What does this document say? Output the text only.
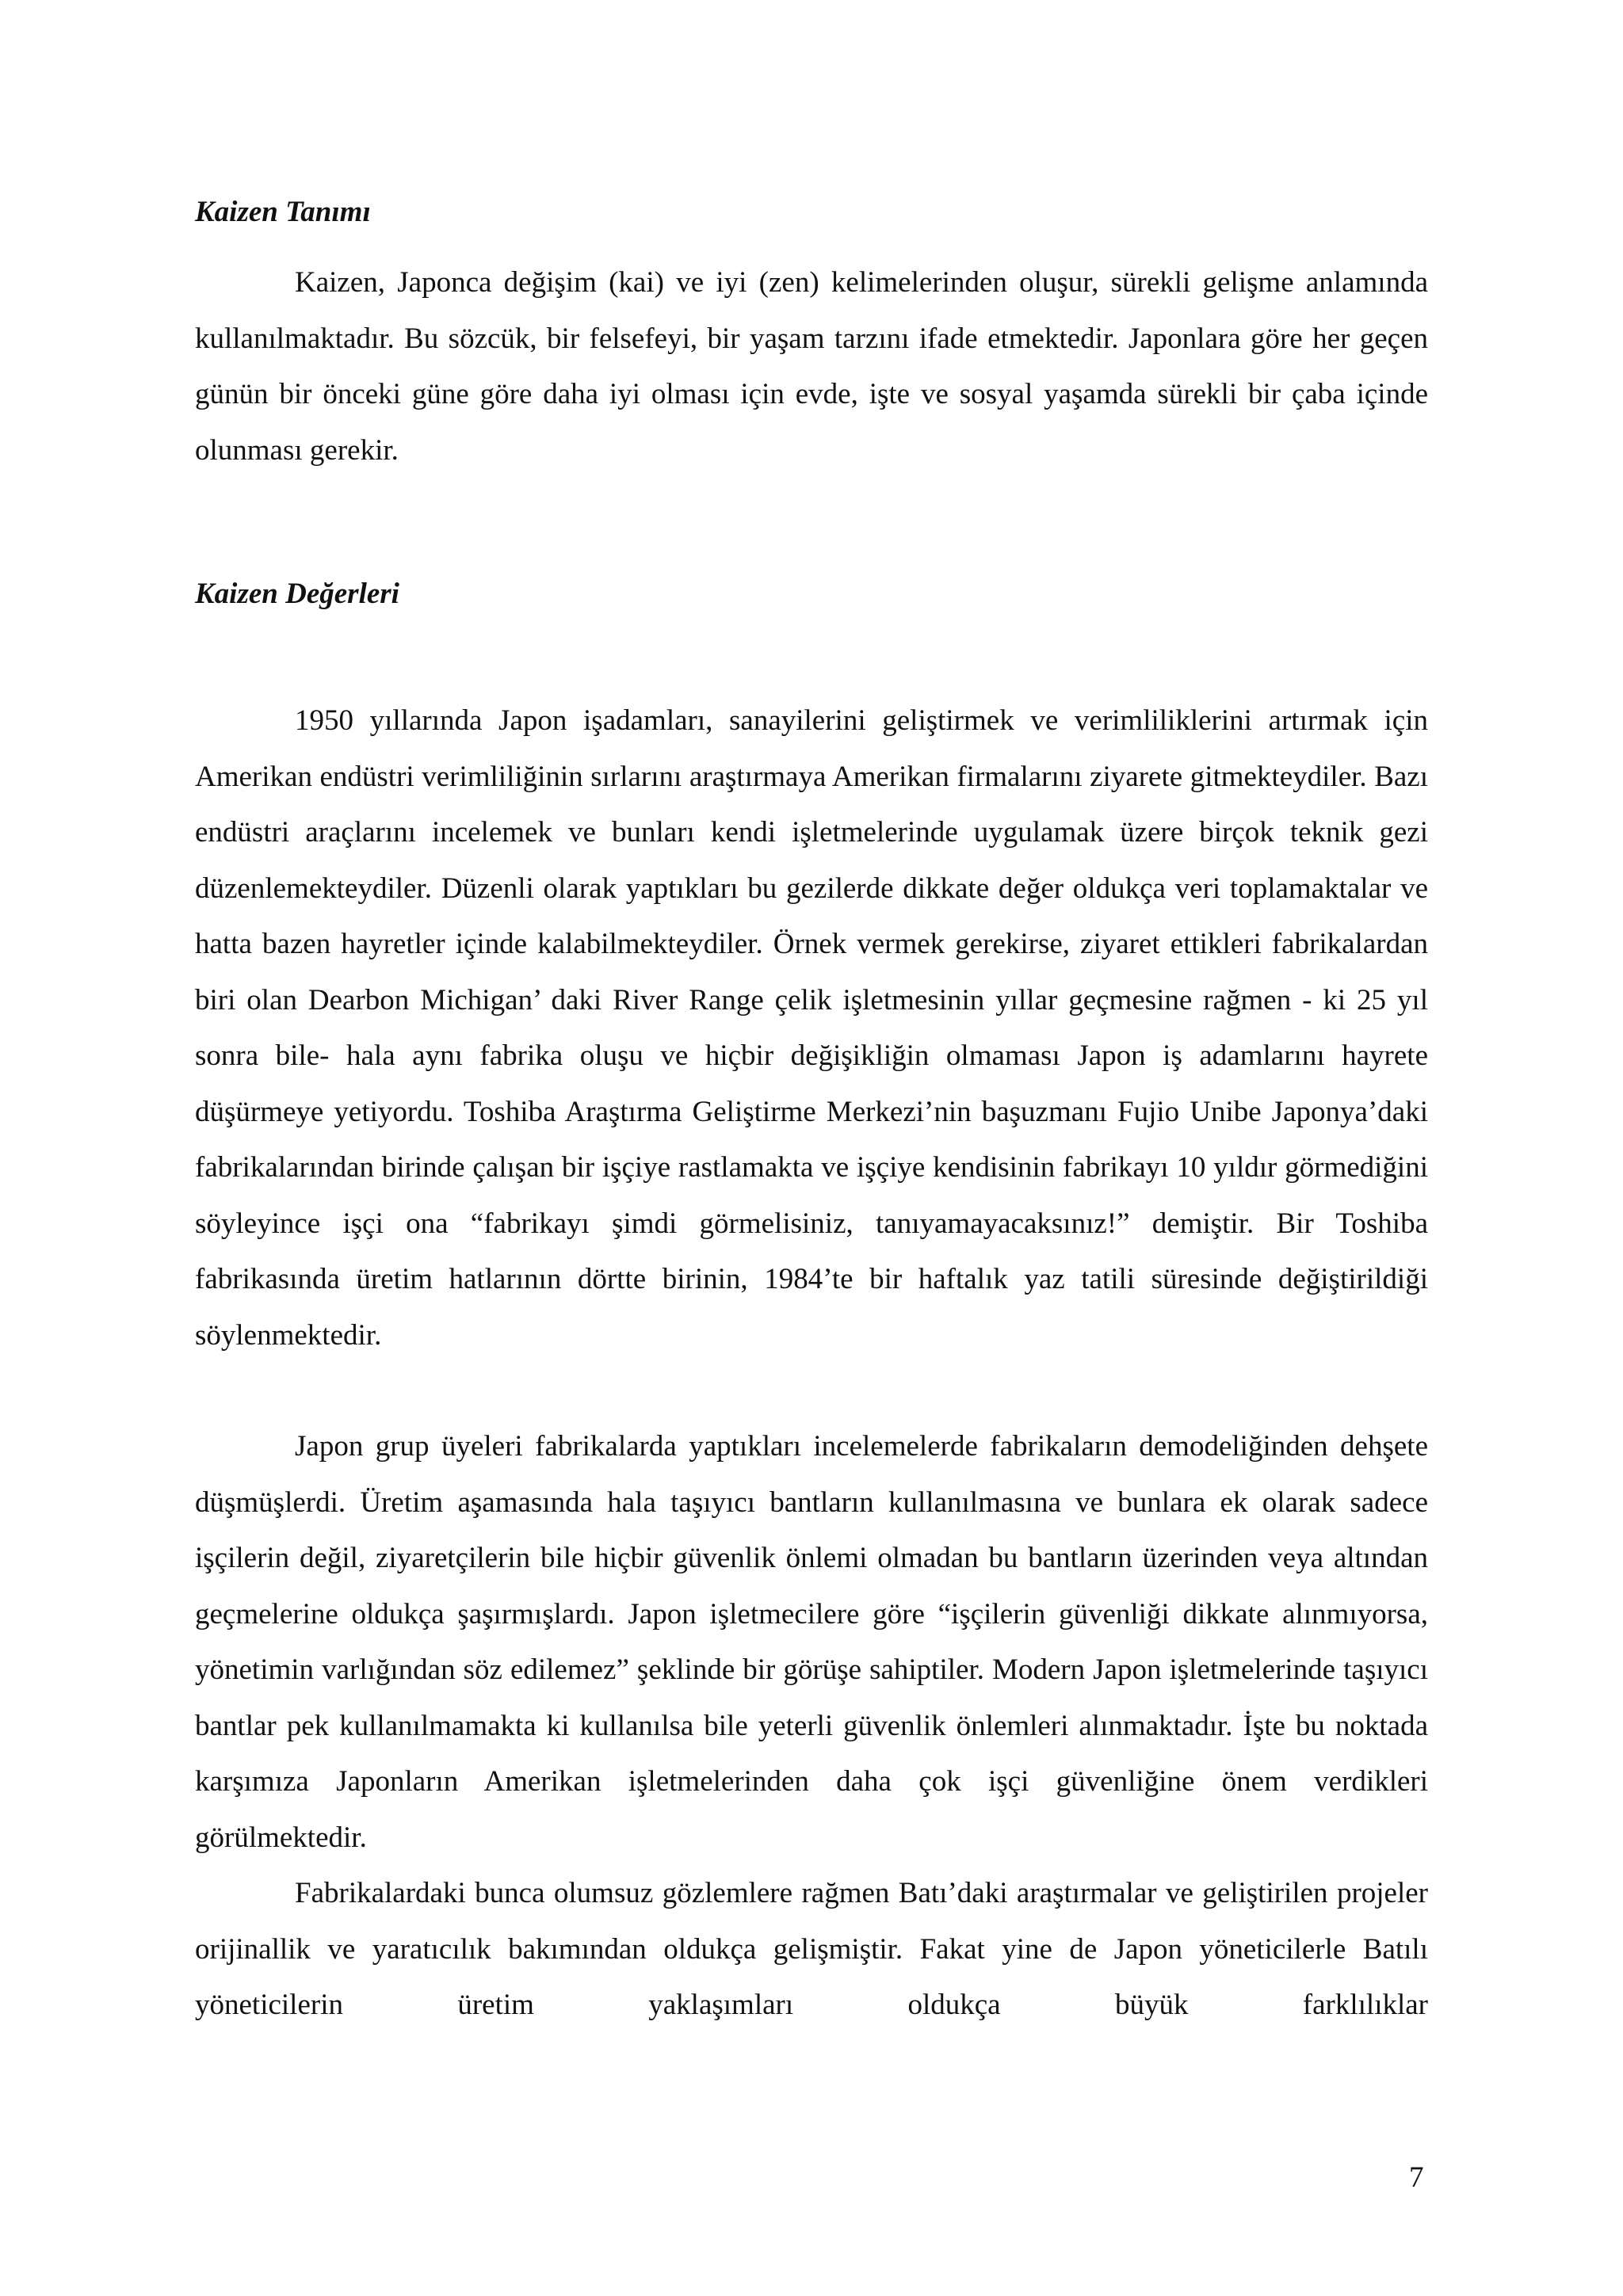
Kaizen Tanımı

Kaizen, Japonca değişim (kai) ve iyi (zen) kelimelerinden oluşur, sürekli gelişme anlamında kullanılmaktadır. Bu sözcük, bir felsefeyi, bir yaşam tarzını ifade etmektedir. Japonlara göre her geçen günün bir önceki güne göre daha iyi olması için evde, işte ve sosyal yaşamda sürekli bir çaba içinde olunması gerekir.

Kaizen Değerleri

1950 yıllarında Japon işadamları, sanayilerini geliştirmek ve verimliliklerini artırmak için Amerikan endüstri verimliliğinin sırlarını araştırmaya Amerikan firmalarını ziyarete gitmekteydiler. Bazı endüstri araçlarını incelemek ve bunları kendi işletmelerinde uygulamak üzere birçok teknik gezi düzenlemekteydiler. Düzenli olarak yaptıkları bu gezilerde dikkate değer oldukça veri toplamaktalar ve hatta bazen hayretler içinde kalabilmekteydiler. Örnek vermek gerekirse, ziyaret ettikleri fabrikalardan biri olan Dearbon Michigan’ daki River Range çelik işletmesinin yıllar geçmesine rağmen - ki 25 yıl sonra bile- hala aynı fabrika oluşu ve hiçbir değişikliğin olmaması Japon iş adamlarını hayrete düşürmeye yetiyordu. Toshiba Araştırma Geliştirme Merkezi’nin başuzmanı Fujio Unibe Japonya’daki fabrikalarından birinde çalışan bir işçiye rastlamakta ve işçiye kendisinin fabrikayı 10 yıldır görmediğini söyleyince işçi ona “fabrikayı şimdi görmelisiniz, tanıyamayacaksınız!” demiştir. Bir Toshiba fabrikasında üretim hatlarının dörtte birinin, 1984’te bir haftalık yaz tatili süresinde değiştirildiği söylenmektedir.

Japon grup üyeleri fabrikalarda yaptıkları incelemelerde fabrikaların demodeliğinden dehşete düşmüşlerdi. Üretim aşamasında hala taşıyıcı bantların kullanılmasına ve bunlara ek olarak sadece işçilerin değil, ziyaretçilerin bile hiçbir güvenlik önlemi olmadan bu bantların üzerinden veya altından geçmelerine oldukça şaşırmışlardı. Japon işletmecilere göre “işçilerin güvenliği dikkate alınmıyorsa, yönetimin varlığından söz edilemez” şeklinde bir görüşe sahiptiler. Modern Japon işletmelerinde taşıyıcı bantlar pek kullanılmamakta ki kullanılsa bile yeterli güvenlik önlemleri alınmaktadır. İşte bu noktada karşımıza Japonların Amerikan işletmelerinden daha çok işçi güvenliğine önem verdikleri görülmektedir.

Fabrikalardaki bunca olumsuz gözlemlere rağmen Batı’daki araştırmalar ve geliştirilen projeler orijinallik ve yaratıcılık bakımından oldukça gelişmiştir. Fakat yine de Japon yöneticilerle Batılı yöneticilerin üretim yaklaşımları oldukça büyük farklılıklar

7
